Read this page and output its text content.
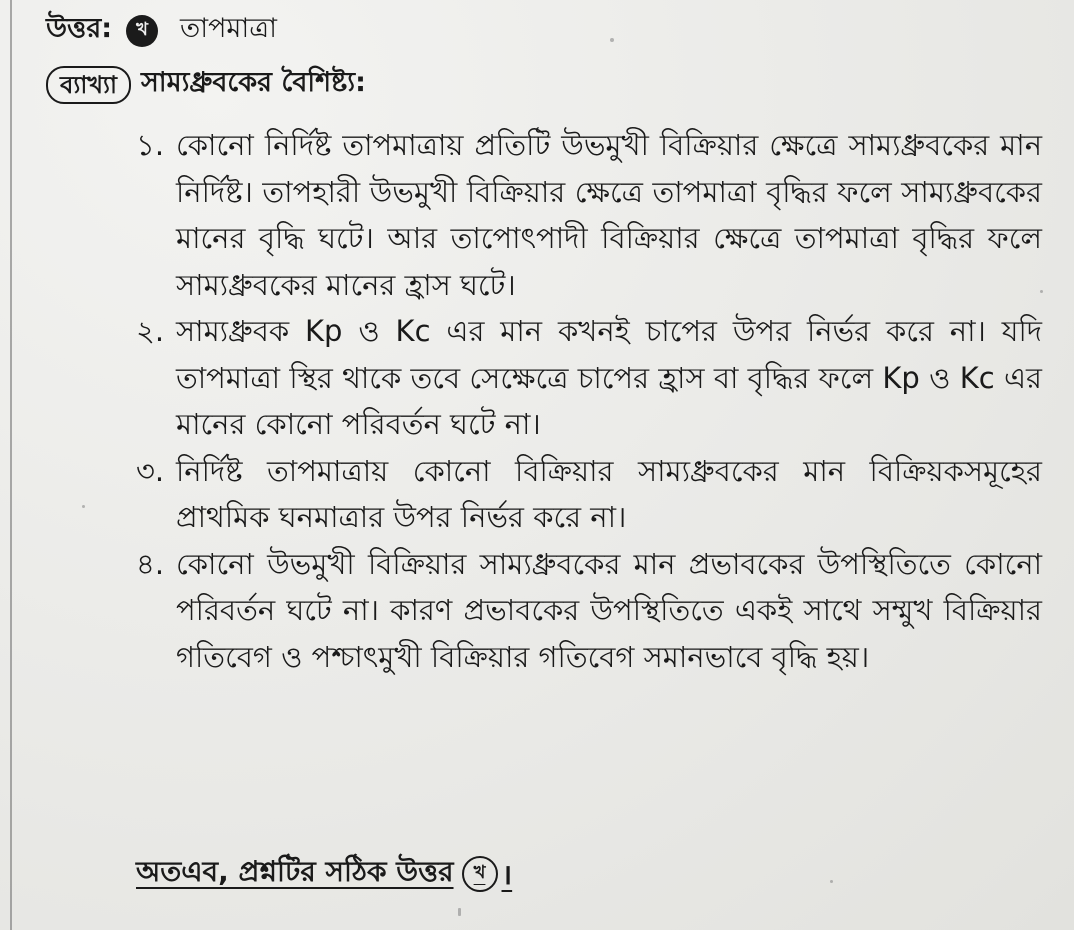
উত্তর:	খ	তাপমাত্রা
ব্যাখ্যা সাম্যধ্রুবকের বৈশিষ্ট্য:
১. কোনো নির্দিষ্ট তাপমাত্রায় প্রতিটি উভমুখী বিক্রিয়ার ক্ষেত্রে সাম্যধ্রুবকের মান নির্দিষ্ট। তাপহারী উভমুখী বিক্রিয়ার ক্ষেত্রে তাপমাত্রা বৃদ্ধির ফলে সাম্যধ্রুবকের মানের বৃদ্ধি ঘটে। আর তাপোৎপাদী বিক্রিয়ার ক্ষেত্রে তাপমাত্রা বৃদ্ধির ফলে সাম্যধ্রুবকের মানের হ্রাস ঘটে।
২. সাম্যধ্রুবক Kp ও Kc এর মান কখনই চাপের উপর নির্ভর করে না। যদি তাপমাত্রা স্থির থাকে তবে সেক্ষেত্রে চাপের হ্রাস বা বৃদ্ধির ফলে Kp ও Kc এর মানের কোনো পরিবর্তন ঘটে না।
৩. নির্দিষ্ট তাপমাত্রায় কোনো বিক্রিয়ার সাম্যধ্রুবকের মান বিক্রিয়কসমূহের প্রাথমিক ঘনমাত্রার উপর নির্ভর করে না।
৪. কোনো উভমুখী বিক্রিয়ার সাম্যধ্রুবকের মান প্রভাবকের উপস্থিতিতে কোনো পরিবর্তন ঘটে না। কারণ প্রভাবকের উপস্থিতিতে একই সাথে সম্মুখ বিক্রিয়ার গতিবেগ ও পশ্চাৎমুখী বিক্রিয়ার গতিবেগ সমানভাবে বৃদ্ধি হয়।
অতএব, প্রশ্নটির সঠিক উত্তর	খ ।
